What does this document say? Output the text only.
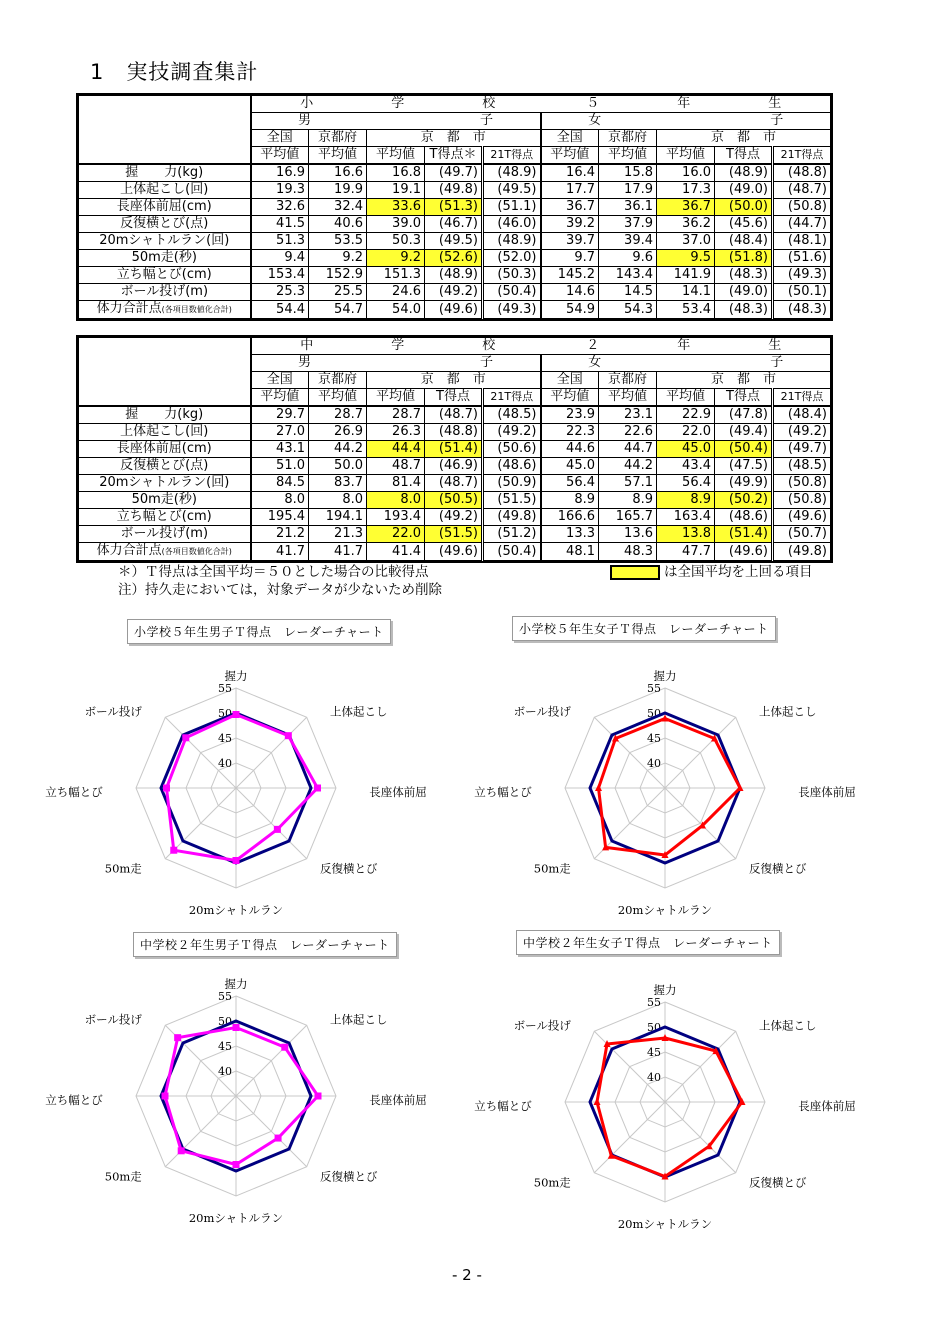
1　実技調査集計
	小　　　　　　学　　　　　　校　　　　　　　５　　　　　　年　　　　　　生									
	男　　　　　　　　　　　　　子					女　　　　　　　　　　　　　子				
	全国	京都府	京　都　市			全国	京都府	京　都　市		
	平均値	平均値	平均値	T得点＊	21T得点	平均値	平均値	平均値	T得点	21T得点
握　　力(kg)	16.9	16.6	16.8	(49.7)	(48.9)	16.4	15.8	16.0	(48.9)	(48.8)
上体起こし(回)	19.3	19.9	19.1	(49.8)	(49.5)	17.7	17.9	17.3	(49.0)	(48.7)
長座体前屈(cm)	32.6	32.4	33.6	(51.3)	(51.1)	36.7	36.1	36.7	(50.0)	(50.8)
反復横とび(点)	41.5	40.6	39.0	(46.7)	(46.0)	39.2	37.9	36.2	(45.6)	(44.7)
20mシャトルラン(回)	51.3	53.5	50.3	(49.5)	(48.9)	39.7	39.4	37.0	(48.4)	(48.1)
50m走(秒)	9.4	9.2	9.2	(52.6)	(52.0)	9.7	9.6	9.5	(51.8)	(51.6)
立ち幅とび(cm)	153.4	152.9	151.3	(48.9)	(50.3)	145.2	143.4	141.9	(48.3)	(49.3)
ボール投げ(m)	25.3	25.5	24.6	(49.2)	(50.4)	14.6	14.5	14.1	(49.0)	(50.1)
体力合計点(各項目数値化合計)	54.4	54.7	54.0	(49.6)	(49.3)	54.9	54.3	53.4	(48.3)	(48.3)
	中　　　　　　学　　　　　　校　　　　　　　２　　　　　　年　　　　　　生									
	男　　　　　　　　　　　　　子					女　　　　　　　　　　　　　子				
	全国	京都府	京　都　市			全国	京都府	京　都　市		
	平均値	平均値	平均値	T得点	21T得点	平均値	平均値	平均値	T得点	21T得点
握　　力(kg)	29.7	28.7	28.7	(48.7)	(48.5)	23.9	23.1	22.9	(47.8)	(48.4)
上体起こし(回)	27.0	26.9	26.3	(48.8)	(49.2)	22.3	22.6	22.0	(49.4)	(49.2)
長座体前屈(cm)	43.1	44.2	44.4	(51.4)	(50.6)	44.6	44.7	45.0	(50.4)	(49.7)
反復横とび(点)	51.0	50.0	48.7	(46.9)	(48.6)	45.0	44.2	43.4	(47.5)	(48.5)
20mシャトルラン(回)	84.5	83.7	81.4	(48.7)	(50.9)	56.4	57.1	56.4	(49.9)	(50.8)
50m走(秒)	8.0	8.0	8.0	(50.5)	(51.5)	8.9	8.9	8.9	(50.2)	(50.8)
立ち幅とび(cm)	195.4	194.1	193.4	(49.2)	(49.8)	166.6	165.7	163.4	(48.6)	(49.6)
ボール投げ(m)	21.2	21.3	22.0	(51.5)	(51.2)	13.3	13.6	13.8	(51.4)	(50.7)
体力合計点(各項目数値化合計)	41.7	41.7	41.4	(49.6)	(50.4)	48.1	48.3	47.7	(49.6)	(49.8)
＊）Ｔ得点は全国平均＝５０とした場合の比較得点
注）持久走においては，対象データが少ないため削除
は全国平均を上回る項目
小学校５年生男子Ｔ得点　レーダーチャート	小学校５年生女子Ｔ得点　レーダーチャート
中学校２年生男子Ｔ得点　レーダーチャート	中学校２年生女子Ｔ得点　レーダーチャート
40
45
50
55
握力
上体起こし
長座体前屈
反復横とび
20mシャトルラン
50m走
立ち幅とび
ボール投げ
40
45
50
55
握力
上体起こし
長座体前屈
反復横とび
20mシャトルラン
50m走
立ち幅とび
ボール投げ
40
45
50
55
握力
上体起こし
長座体前屈
反復横とび
20mシャトルラン
50m走
立ち幅とび
ボール投げ
40
45
50
55
握力
上体起こし
長座体前屈
反復横とび
20mシャトルラン
50m走
立ち幅とび
ボール投げ
- 2 -
